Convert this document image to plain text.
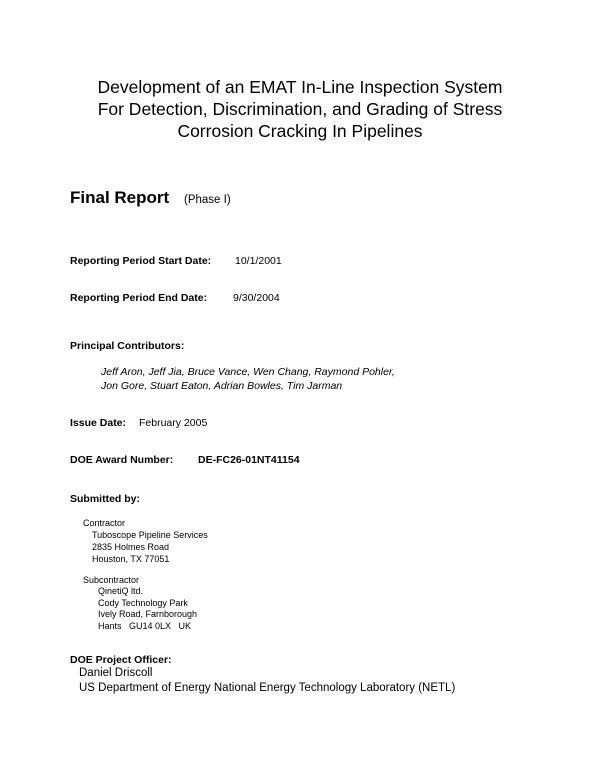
Development of an EMAT In-Line Inspection System
For Detection, Discrimination, and Grading of Stress
Corrosion Cracking In Pipelines
Final Report (Phase I)
Reporting Period Start Date: 10/1/2001
Reporting Period End Date: 9/30/2004
Principal Contributors:
Jeff Aron, Jeff Jia, Bruce Vance, Wen Chang, Raymond Pohler,
Jon Gore, Stuart Eaton, Adrian Bowles, Tim Jarman
Issue Date: February 2005
DOE Award Number: DE-FC26-01NT41154
Submitted by:
Contractor
Tuboscope Pipeline Services
2835 Holmes Road
Houston, TX 77051
Subcontractor
QinetiQ ltd.
Cody Technology Park
Ively Road, Farnborough
Hants   GU14 0LX   UK
DOE Project Officer:
Daniel Driscoll
US Department of Energy National Energy Technology Laboratory (NETL)
